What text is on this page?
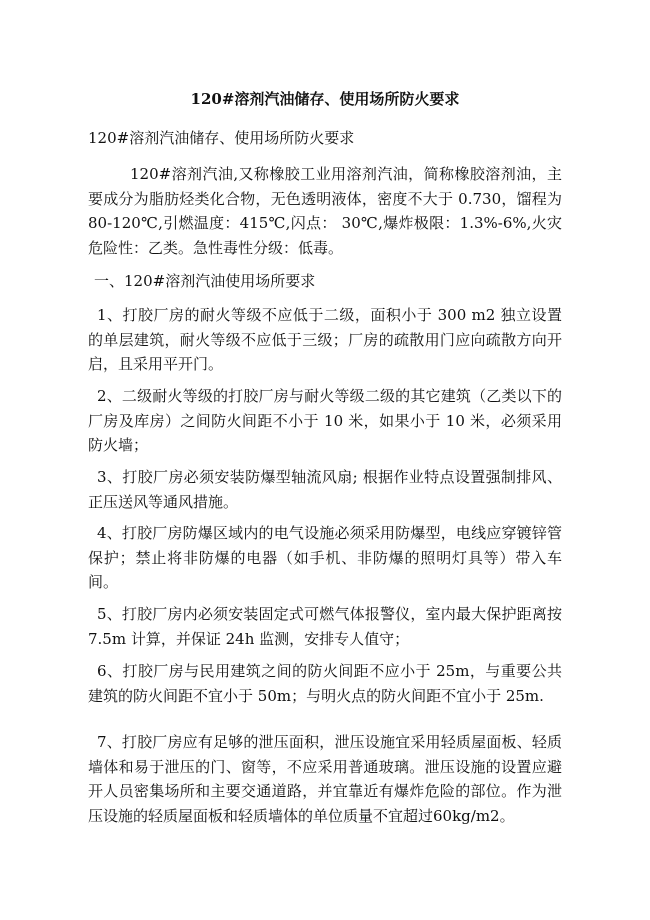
120#溶剂汽油储存、使用场所防火要求

120#溶剂汽油储存、使用场所防火要求

120#溶剂汽油,又称橡胶工业用溶剂汽油，简称橡胶溶剂油，主要成分为脂肪烃类化合物，无色透明液体，密度不大于 0.730，馏程为 80-120℃,引燃温度：415℃,闪点： 30℃,爆炸极限：1.3%-6%,火灾危险性：乙类。急性毒性分级：低毒。

一、120#溶剂汽油使用场所要求

1、打胶厂房的耐火等级不应低于二级，面积小于 300 m2 独立设置的单层建筑，耐火等级不应低于三级；厂房的疏散用门应向疏散方向开启，且采用平开门。

2、二级耐火等级的打胶厂房与耐火等级二级的其它建筑（乙类以下的厂房及库房）之间防火间距不小于 10 米，如果小于 10 米，必须采用防火墙；

3、打胶厂房必须安装防爆型轴流风扇; 根据作业特点设置强制排风、正压送风等通风措施。

4、打胶厂房防爆区域内的电气设施必须采用防爆型，电线应穿镀锌管保护；禁止将非防爆的电器（如手机、非防爆的照明灯具等）带入车间。

5、打胶厂房内必须安装固定式可燃气体报警仪，室内最大保护距离按 7.5m 计算，并保证 24h 监测，安排专人值守；

6、打胶厂房与民用建筑之间的防火间距不应小于 25m，与重要公共建筑的防火间距不宜小于 50m；与明火点的防火间距不宜小于 25m.

7、打胶厂房应有足够的泄压面积，泄压设施宜采用轻质屋面板、轻质墙体和易于泄压的门、窗等，不应采用普通玻璃。泄压设施的设置应避开人员密集场所和主要交通道路，并宜靠近有爆炸危险的部位。作为泄压设施的轻质屋面板和轻质墙体的单位质量不宜超过60kg/m2。
